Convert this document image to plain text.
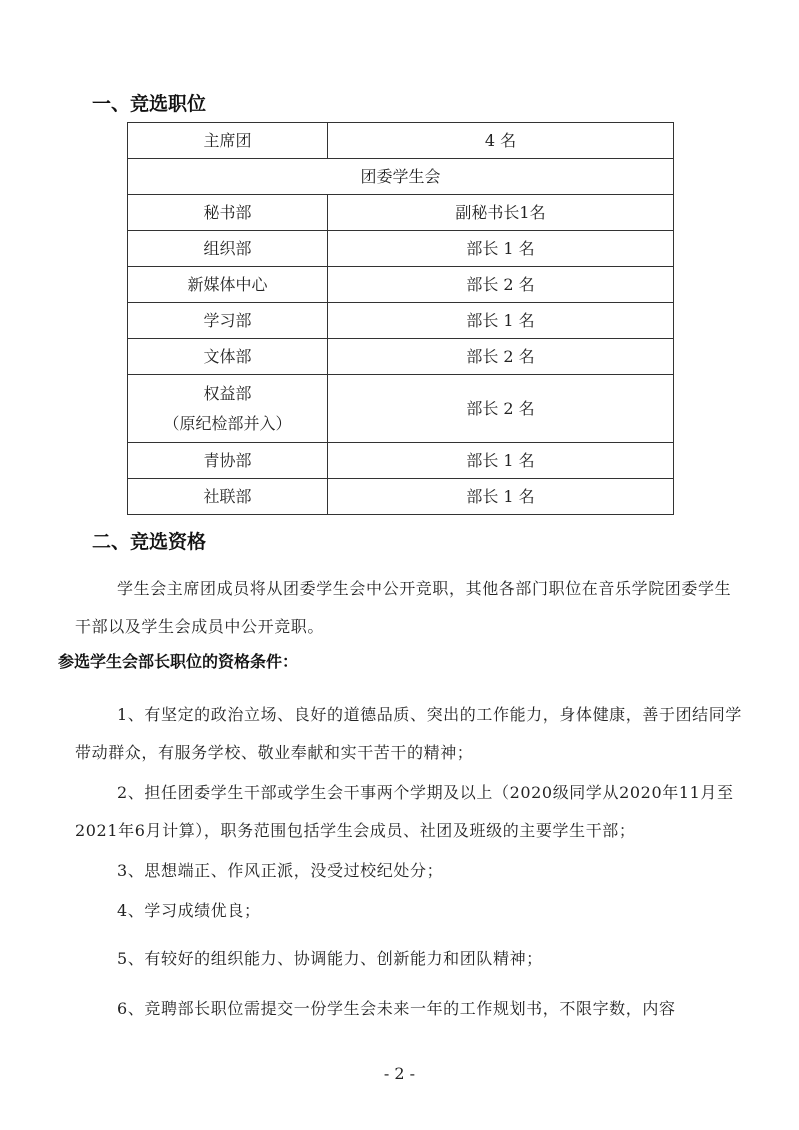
一、竞选职位
主席团	4 名
团委学生会	
秘书部	副秘书长1名
组织部	部长 1 名
新媒体中心	部长 2 名
学习部	部长 1 名
文体部	部长 2 名

权益部
（原纪检部并入）	部长 2 名
青协部	部长 1 名
社联部	部长 1 名
二、竞选资格
学生会主席团成员将从团委学生会中公开竞职，其他各部门职位在音乐学院团委学生干部以及学生会成员中公开竞职。
参选学生会部长职位的资格条件：
1、有坚定的政治立场、良好的道德品质、突出的工作能力，身体健康，善于团结同学带动群众，有服务学校、敬业奉献和实干苦干的精神；
2、担任团委学生干部或学生会干事两个学期及以上（2020级同学从2020年11月至2021年6月计算），职务范围包括学生会成员、社团及班级的主要学生干部；
3、思想端正、作风正派，没受过校纪处分；
4、学习成绩优良；
5、有较好的组织能力、协调能力、创新能力和团队精神；
6、竞聘部长职位需提交一份学生会未来一年的工作规划书，不限字数，内容
- 2 -
